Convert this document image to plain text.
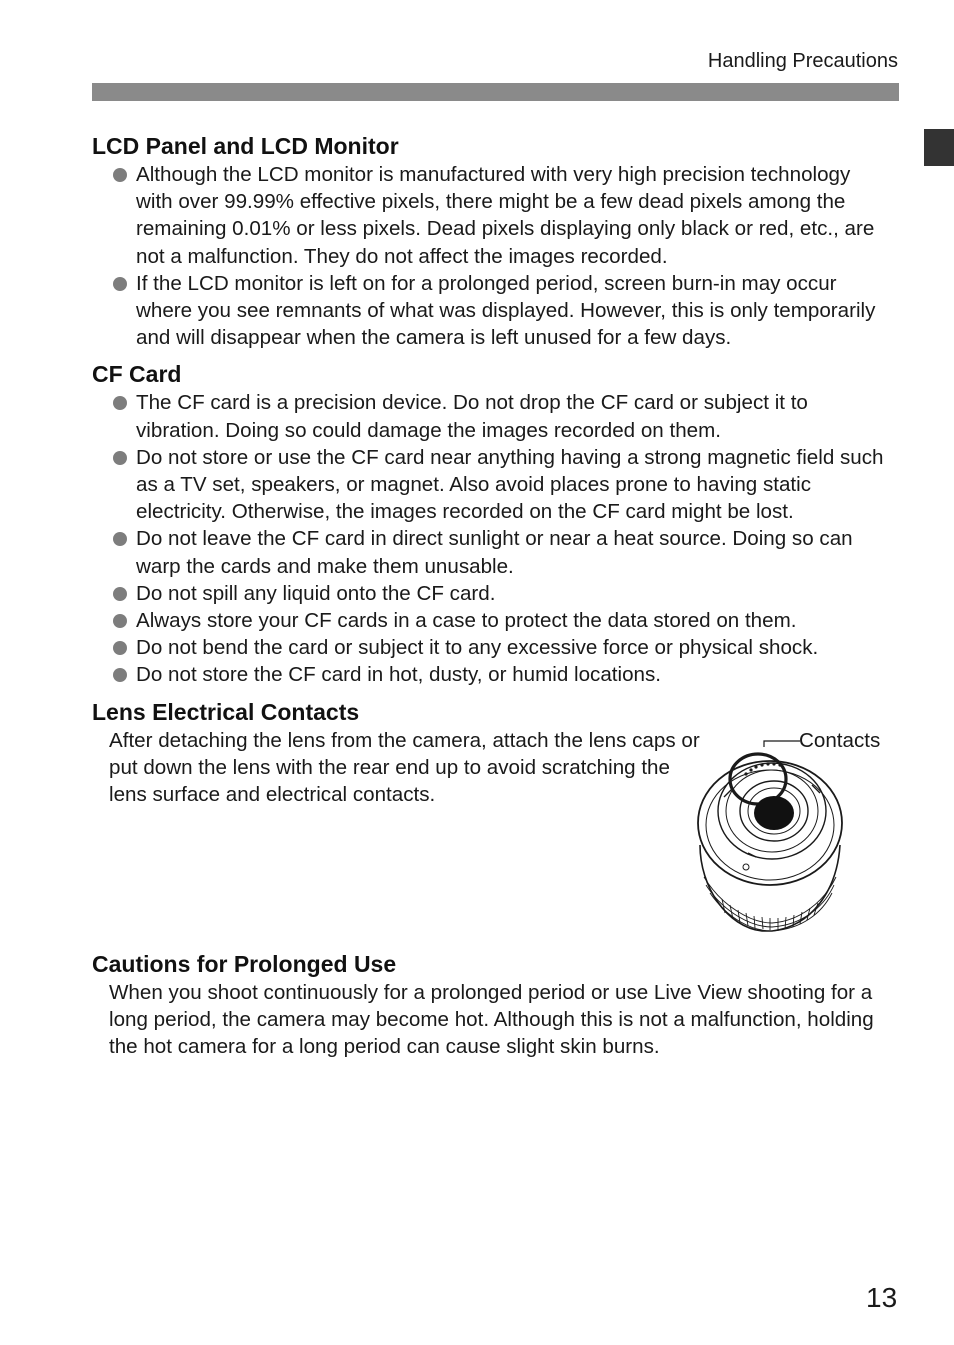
Handling Precautions
LCD Panel and LCD Monitor
Although the LCD monitor is manufactured with very high precision technology with over 99.99% effective pixels, there might be a few dead pixels among the remaining 0.01% or less pixels. Dead pixels displaying only black or red, etc., are not a malfunction. They do not affect the images recorded.
If the LCD monitor is left on for a prolonged period, screen burn-in may occur where you see remnants of what was displayed. However, this is only temporarily and will disappear when the camera is left unused for a few days.
CF Card
The CF card is a precision device. Do not drop the CF card or subject it to vibration. Doing so could damage the images recorded on them.
Do not store or use the CF card near anything having a strong magnetic field such as a TV set, speakers, or magnet. Also avoid places prone to having static electricity. Otherwise, the images recorded on the CF card might be lost.
Do not leave the CF card in direct sunlight or near a heat source. Doing so can warp the cards and make them unusable.
Do not spill any liquid onto the CF card.
Always store your CF cards in a case to protect the data stored on them.
Do not bend the card or subject it to any excessive force or physical shock.
Do not store the CF card in hot, dusty, or humid locations.
Lens Electrical Contacts

After detaching the lens from the camera, attach the lens caps or put down the lens with the rear end up to avoid scratching the lens surface and electrical contacts.

Contacts
Cautions for Prolonged Use

When you shoot continuously for a prolonged period or use Live View shooting for a long period, the camera may become hot. Although this is not a malfunction, holding the hot camera for a long period can cause slight skin burns.

13
